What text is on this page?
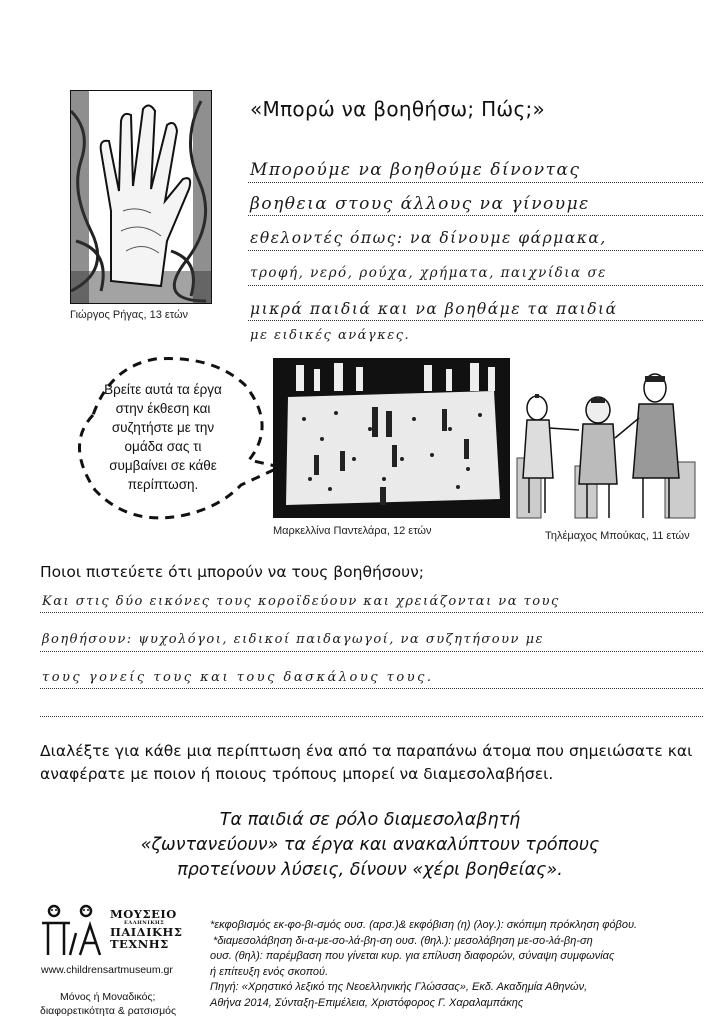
«Μπορώ να βοηθήσω; Πώς;»
Γιώργος Ρήγας, 13 ετών
Μπορούμε να βοηθούμε δίνοντας
βοηθεια στους άλλους να γίνουμε
εθελοντές όπως: να δίνουμε φάρμακα,
τροφή, νερό, ρούχα, χρήματα, παιχνίδια σε
μικρά παιδιά και να βοηθάμε τα παιδιά
με ειδικές ανάγκες.
Βρείτε αυτά τα έργα στην έκθεση και συζητήστε με την ομάδα σας τι συμβαίνει σε κάθε περίπτωση.
Μαρκελλίνα Παντελάρα, 12 ετών	Τηλέμαχος Μπούκας, 11 ετών
Ποιοι πιστεύετε ότι μπορούν να τους βοηθήσουν;
Και στις δύο εικόνες τους κοροϊδεύουν και χρειάζονται να τους
βοηθήσουν: ψυχολόγοι, ειδικοί παιδαγωγοί, να συζητήσουν με
τους γονείς τους και τους δασκάλους τους.
Διαλέξτε για κάθε μια περίπτωση ένα από τα παραπάνω άτομα που σημειώσατε και αναφέρατε με ποιον ή ποιους τρόπους μπορεί να διαμεσολαβήσει.
Τα παιδιά σε ρόλο διαμεσολαβητή
«ζωντανεύουν» τα έργα και ανακαλύπτουν τρόπους
προτείνουν λύσεις, δίνουν «χέρι βοηθείας».
ΜΟΥΣΕΙΟ
ΕΛΛΗΝΙΚΗΣ
ΠΑΙΔΙΚΗΣ
ΤΕΧΝΗΣ
www.childrensartmuseum.gr
Μόνος ή Μοναδικός;
διαφορετικότητα & ρατσισμός
*εκφοβισμός εκ-φο-βι-σμός ουσ. (αρσ.)& εκφόβιση (η) (λογ.): σκόπιμη πρόκληση φόβου.
*διαμεσολάβηση δι-α-με-σο-λά-βη-ση ουσ. (θηλ.): μεσολάβηση με-σο-λά-βη-ση
ουσ. (θηλ): παρέμβαση που γίνεται κυρ. για επίλυση διαφορών, σύναψη συμφωνίας
ή επίτευξη ενός σκοπού.
Πηγή: «Χρηστικό λεξικό της Νεοελληνικής Γλώσσας», Εκδ. Ακαδημία Αθηνών,
Αθήνα 2014, Σύνταξη-Επιμέλεια, Χριστόφορος Γ. Χαραλαμπάκης
